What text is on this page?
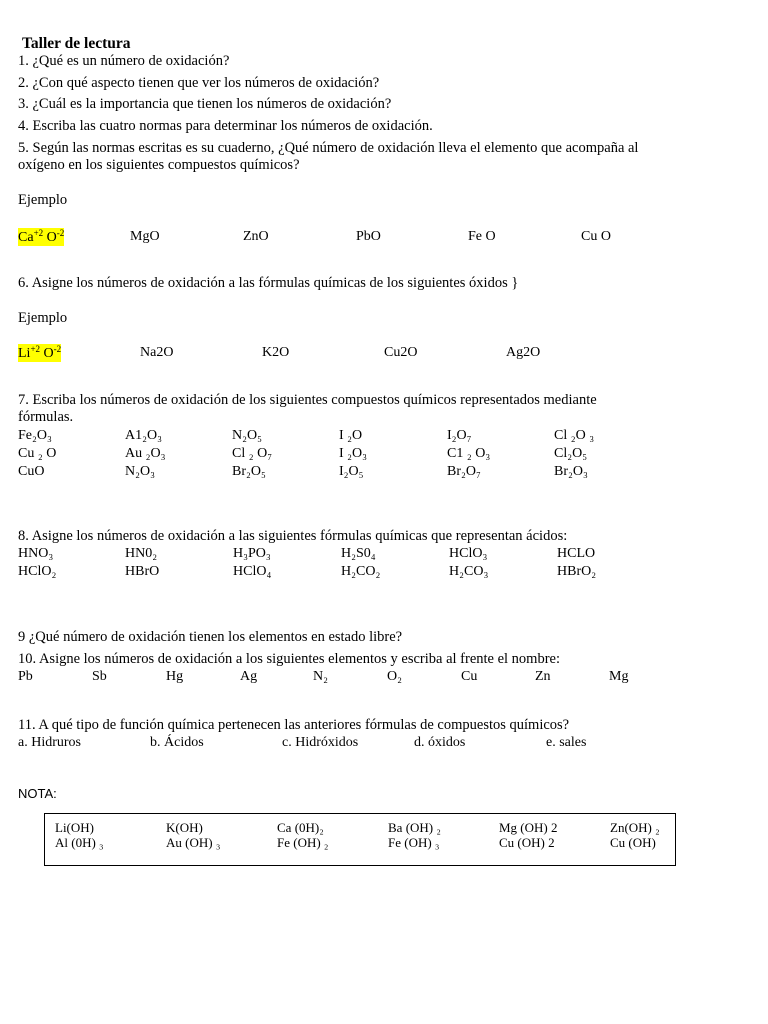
Taller de lectura
1. ¿Qué es un número de oxidación?
2. ¿Con qué aspecto tienen que ver los números de oxidación?
3. ¿Cuál es la importancia que tienen los números de oxidación?
4. Escriba las cuatro normas para determinar los números de oxidación.
5. Según las normas escritas es su cuaderno, ¿Qué número de oxidación lleva el elemento que acompaña al
oxígeno en los siguientes compuestos químicos?
Ejemplo
$Ca^{+2}$ $O^{-2}$	MgO	ZnO	PbO	Fe O	Cu O
6. Asigne los números de oxidación a las fórmulas químicas de los siguientes óxidos }
Ejemplo
$Li^{+2}$ $O^{-2}$	Na2O	K2O	Cu2O	Ag2O
7. Escriba los números de oxidación de los siguientes compuestos químicos representados mediante
fórmulas.
Fe₂O₃	A1₂O₃	N₂O₅	I ₂O	I₂O₇	Cl ₂O ₃
Cu ₂ O	Au ₂O₃	Cl ₂ O₇	I ₂O₃	C1 ₂ O₃	Cl₂O₅
CuO	N₂O₃	Br₂O₅	I₂O₅	Br₂O₇	Br₂O₃
8. Asigne los números de oxidación a las siguientes fórmulas químicas que representan ácidos:
HNO₃	HN0₂	H₃PO₃	H₂S0₄	HClO₃	HCLO
HClO₂	HBrO	HClO₄	H₂CO₂	H₂CO₃	HBrO₂
9 ¿Qué número de oxidación tienen los elementos en estado libre?
10. Asigne los números de oxidación a los siguientes elementos y escriba al frente el nombre:
Pb	Sb	Hg	Ag	N₂	O₂	Cu	Zn	Mg
11. A qué tipo de función química pertenecen las anteriores fórmulas de compuestos químicos?
a. Hidruros	b. Ácidos	c. Hidróxidos	d. óxidos	e. sales
NOTA:
Li(OH)	K(OH)	Ca (0H)₂	Ba (OH) ₂	Mg (OH) 2	Zn(OH) ₂
Al (0H) ₃	Au (OH) ₃	Fe (OH) ₂	Fe (OH) ₃	Cu (OH) 2	Cu (OH)
